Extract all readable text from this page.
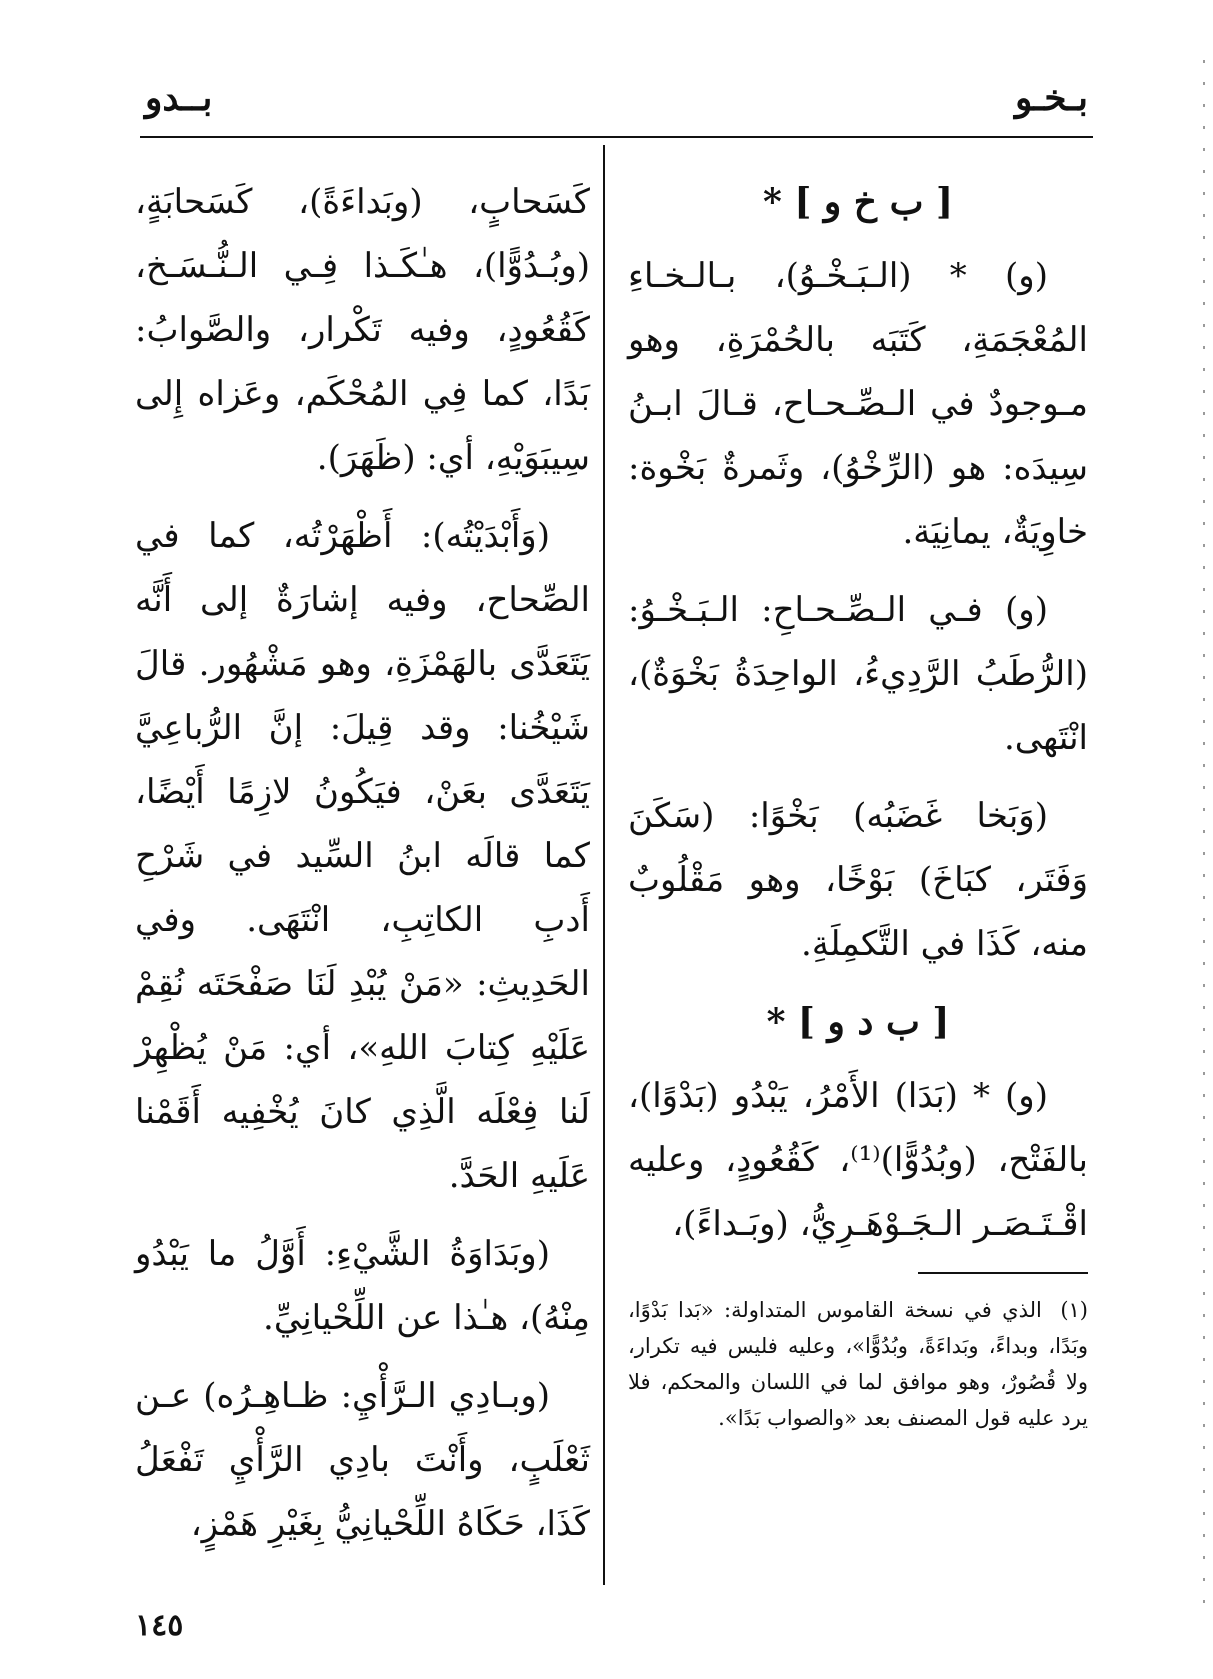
بـخـو
بــدو
[ ب خ و ] *

(و) * (الـبَـخْـوُ)، بـالـخـاءِ المُعْجَمَةِ، كَتَبَه بالحُمْرَةِ، وهو مـوجودٌ في الـصِّـحـاح، قـالَ ابـنُ سِيدَه: هو (الرِّخْوُ)، وثَمرةٌ بَخْوة: خاوِيَةٌ، يمانِيَة.

(و) فـي الـصِّـحـاحِ: الـبَـخْـوُ: (الرُّطَبُ الرَّدِيءُ، الواحِدَةُ بَخْوَةٌ)، انْتَهى.

(وَبَخا غَضَبُه) بَخْوًا: (سَكَنَ وَفَتَر، كبَاخَ) بَوْخًا، وهو مَقْلُوبٌ منه، كَذَا في التَّكمِلَةِ.

[ ب د و ] *

(و) * (بَدَا) الأَمْرُ، يَبْدُو (بَدْوًا)، بالفَتْح، (وبُدُوًّا)⁽¹⁾، كَقُعُودٍ، وعليه اقْـتَـصَـر الـجَـوْهَـرِيُّ، (وبَـداءً)،

(١) الذي في نسخة القاموس المتداولة: «بَدا بَدْوًا، وبَدًا، وبداءً، وبَداءَةً، وبُدُوًّا»، وعليه فليس فيه تكرار، ولا قُصُورٌ، وهو موافق لما في اللسان والمحكم، فلا يرد عليه قول المصنف بعد «والصواب بَدًا».

كَسَحابٍ، (وبَداءَةً)، كَسَحابَةٍ، (وبُـدُوًّا)، هـٰكَـذا فِـي الـنُّـسَـخ، كَقُعُودٍ، وفيه تَكْرار، والصَّوابُ: بَدًا، كما فِي المُحْكَم، وعَزاه إِلى سِيبَوَيْهِ، أي: (ظَهَرَ).

(وَأَبْدَيْتُه): أَظْهَرْتُه، كما في الصِّحاح، وفيه إشارَةٌ إلى أَنَّه يَتَعَدَّى بالهَمْزَةِ، وهو مَشْهُور. قالَ شَيْخُنا: وقد قِيلَ: إنَّ الرُّباعِيَّ يَتَعَدَّى بعَنْ، فيَكُونُ لازِمًا أَيْضًا، كما قالَه ابنُ السِّيد في شَرْحِ أَدبِ الكاتِبِ، انْتَهَى. وفي الحَدِيثِ: «مَنْ يُبْدِ لَنَا صَفْحَتَه نُقِمْ عَلَيْهِ كِتابَ اللهِ»، أي: مَنْ يُظْهِرْ لَنا فِعْلَه الَّذِي كانَ يُخْفِيه أَقَمْنا عَلَيهِ الحَدَّ.

(وبَدَاوَةُ الشَّيْءِ: أَوَّلُ ما يَبْدُو مِنْهُ)، هـٰذا عن اللِّحْيانِيِّ.

(وبـادِي الـرَّأْيِ: ظـاهِـرُه) عـن ثَعْلَبٍ، وأَنْتَ بادِي الرَّأْيِ تَفْعَلُ كَذَا، حَكَاهُ اللِّحْيانِيُّ بِغَيْرِ هَمْزٍ،

١٤٥
